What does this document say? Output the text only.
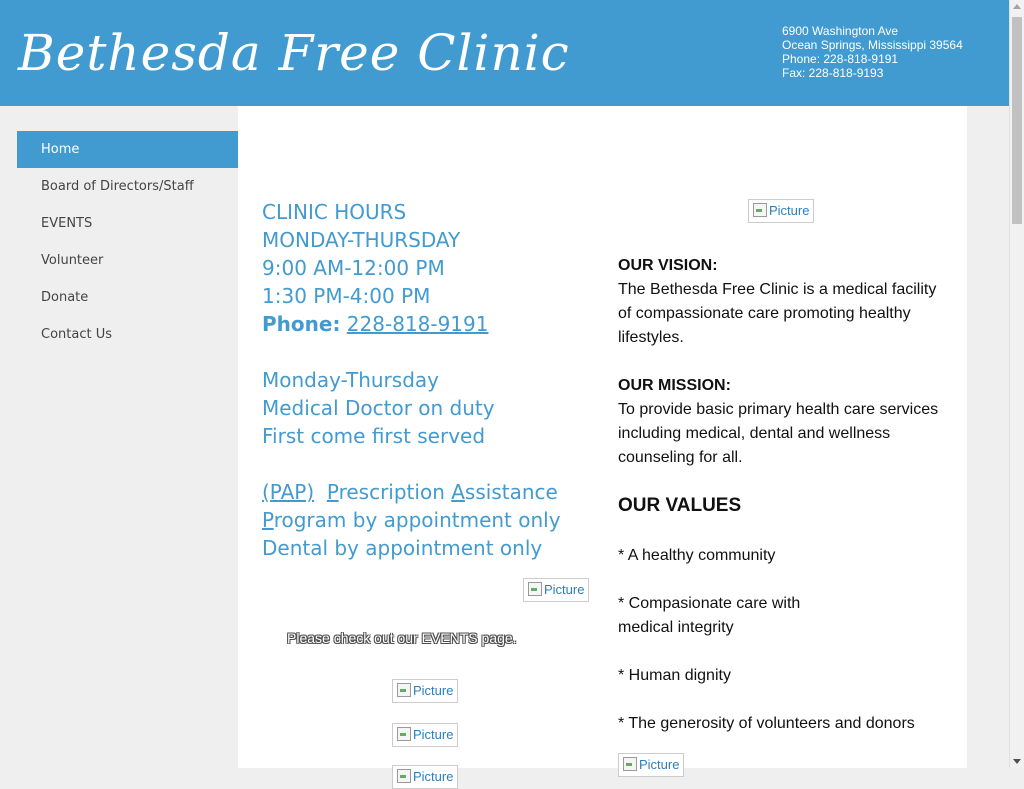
Bethesda Free Clinic	6900 Washington Ave
Ocean Springs, Mississippi 39564
Phone: 228-818-9191
Fax: 228-818-9193
Home
Board of Directors/Staff
EVENTS
Volunteer
Donate
Contact Us
CLINIC HOURS
MONDAY-THURSDAY
9:00 AM-12:00 PM
1:30 PM-4:00 PM
Phone: 228-818-9191
Monday-Thursday
Medical Doctor on duty
First come first served
(PAP) Prescription Assistance
Program by appointment only
Dental by appointment only
Picture
Please check out our EVENTS page.
Picture
Picture
Picture
Picture
OUR VISION:
The Bethesda Free Clinic is a medical facility
of compassionate care promoting healthy
lifestyles.
OUR MISSION:
To provide basic primary health care services
including medical, dental and wellness
counseling for all.
OUR VALUES
* A healthy community
* Compasionate care with
medical integrity
* Human dignity
* The generosity of volunteers and donors
Picture
